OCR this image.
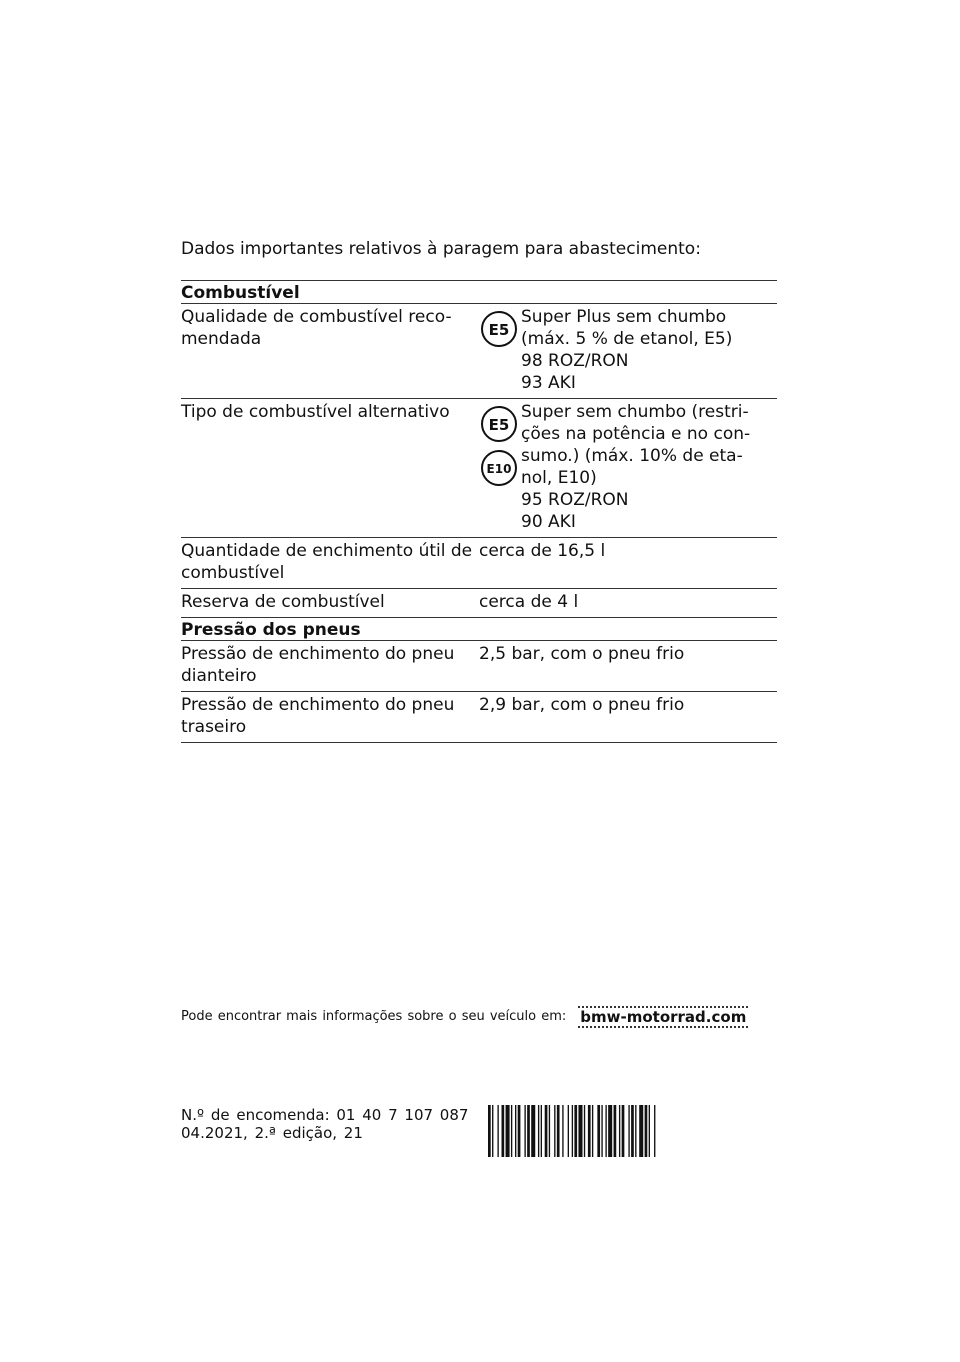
Dados importantes relativos à paragem para abastecimento:

Combustível
Qualidade de combustível reco-mendada	E5
Super Plus sem chumbo
(máx. 5 % de etanol, E5)
98 ROZ/RON
93 AKI
Tipo de combustível alternativo
E5
E10
Super sem chumbo (restri-
ções na potência e no con-
sumo.) (máx. 10% de eta-
nol, E10)
95 ROZ/RON
90 AKI
Quantidade de enchimento útil de combustível
cerca de 16,5 l
Reserva de combustível	cerca de 4 l
Pressão dos pneus
Pressão de enchimento do pneu dianteiro
2,5 bar, com o pneu frio
Pressão de enchimento do pneu traseiro
2,9 bar, com o pneu frio
Pode encontrar mais informações sobre o seu veículo em: bmw-motorrad.com
N.º de encomenda: 01 40 7 107 087
04.2021, 2.ª edição, 21
